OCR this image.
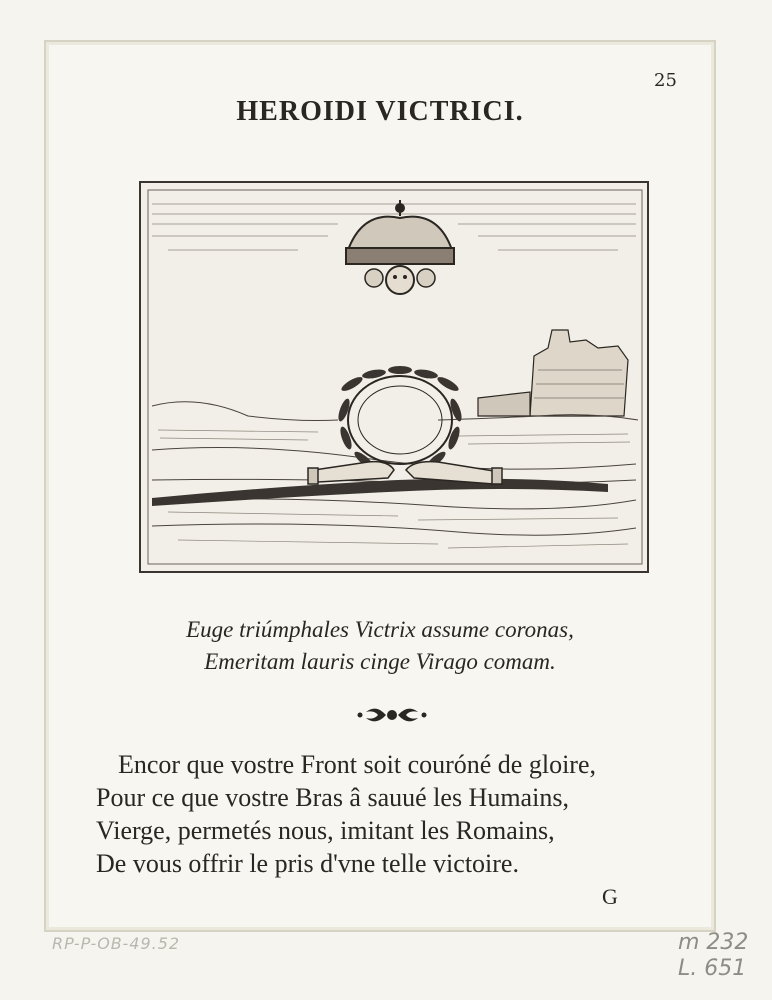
25
HEROIDI VICTRICI.
Euge triúmphales Victrix assume coronas,
Emeritam lauris cinge Virago comam.
Encor que vostre Front soit couróné de gloire,
Pour ce que vostre Bras â sauué les Humains,
Vierge, permetés nous, imitant les Romains,
De vous offrir le pris d'vne telle victoire.
G
RP-P-OB-49.52	m 232
L. 651
